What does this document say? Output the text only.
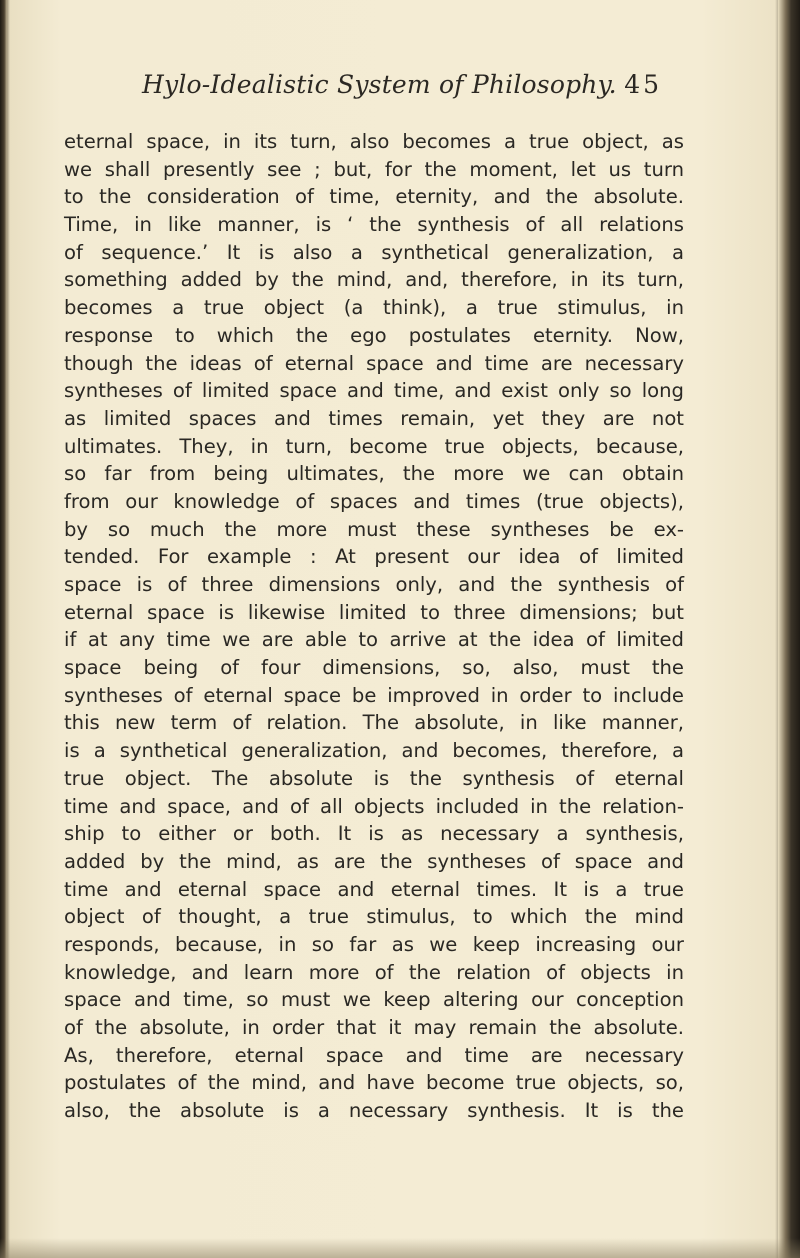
Hylo-Idealistic System of Philosophy. 45
eternal space, in its turn, also becomes a true object, as
we shall presently see ; but, for the moment, let us turn
to the consideration of time, eternity, and the absolute.
Time, in like manner, is ‘ the synthesis of all relations
of sequence.’ It is also a synthetical generalization, a
something added by the mind, and, therefore, in its turn,
becomes a true object (a think), a true stimulus, in
response to which the ego postulates eternity. Now,
though the ideas of eternal space and time are necessary
syntheses of limited space and time, and exist only so long
as limited spaces and times remain, yet they are not
ultimates. They, in turn, become true objects, because,
so far from being ultimates, the more we can obtain
from our knowledge of spaces and times (true objects),
by so much the more must these syntheses be ex-
tended. For example : At present our idea of limited
space is of three dimensions only, and the synthesis of
eternal space is likewise limited to three dimensions; but
if at any time we are able to arrive at the idea of limited
space being of four dimensions, so, also, must the
syntheses of eternal space be improved in order to include
this new term of relation. The absolute, in like manner,
is a synthetical generalization, and becomes, therefore, a
true object. The absolute is the synthesis of eternal
time and space, and of all objects included in the relation-
ship to either or both. It is as necessary a synthesis,
added by the mind, as are the syntheses of space and
time and eternal space and eternal times. It is a true
object of thought, a true stimulus, to which the mind
responds, because, in so far as we keep increasing our
knowledge, and learn more of the relation of objects in
space and time, so must we keep altering our conception
of the absolute, in order that it may remain the absolute.
As, therefore, eternal space and time are necessary
postulates of the mind, and have become true objects, so,
also, the absolute is a necessary synthesis. It is the
